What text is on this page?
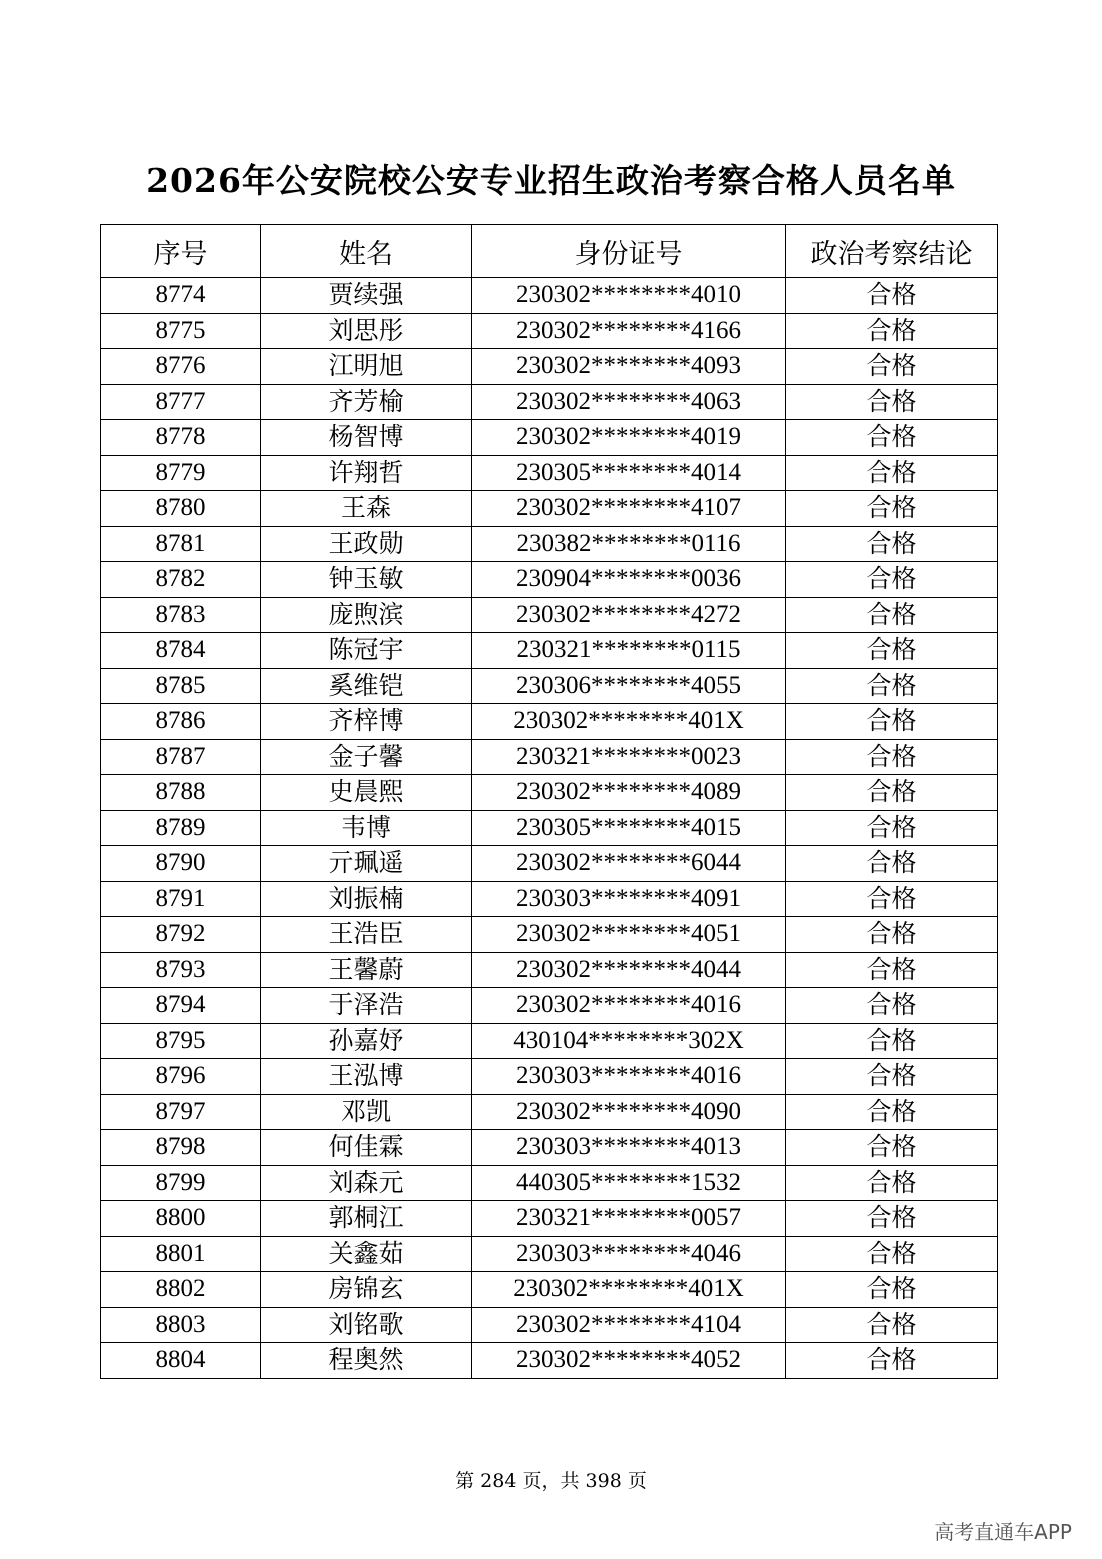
2026年公安院校公安专业招生政治考察合格人员名单
序号	姓名	身份证号	政治考察结论
8774	贾续强	230302********4010	合格
8775	刘思彤	230302********4166	合格
8776	江明旭	230302********4093	合格
8777	齐芳榆	230302********4063	合格
8778	杨智博	230302********4019	合格
8779	许翔哲	230305********4014	合格
8780	王森	230302********4107	合格
8781	王政勋	230382********0116	合格
8782	钟玉敏	230904********0036	合格
8783	庞煦滨	230302********4272	合格
8784	陈冠宇	230321********0115	合格
8785	奚维铠	230306********4055	合格
8786	齐梓博	230302********401X	合格
8787	金子馨	230321********0023	合格
8788	史晨熙	230302********4089	合格
8789	韦博	230305********4015	合格
8790	亓珮遥	230302********6044	合格
8791	刘振楠	230303********4091	合格
8792	王浩臣	230302********4051	合格
8793	王馨蔚	230302********4044	合格
8794	于泽浩	230302********4016	合格
8795	孙嘉妤	430104********302X	合格
8796	王泓博	230303********4016	合格
8797	邓凯	230302********4090	合格
8798	何佳霖	230303********4013	合格
8799	刘森元	440305********1532	合格
8800	郭桐江	230321********0057	合格
8801	关鑫茹	230303********4046	合格
8802	房锦玄	230302********401X	合格
8803	刘铭歌	230302********4104	合格
8804	程奥然	230302********4052	合格
第 284 页，共 398 页
高考直通车APP
